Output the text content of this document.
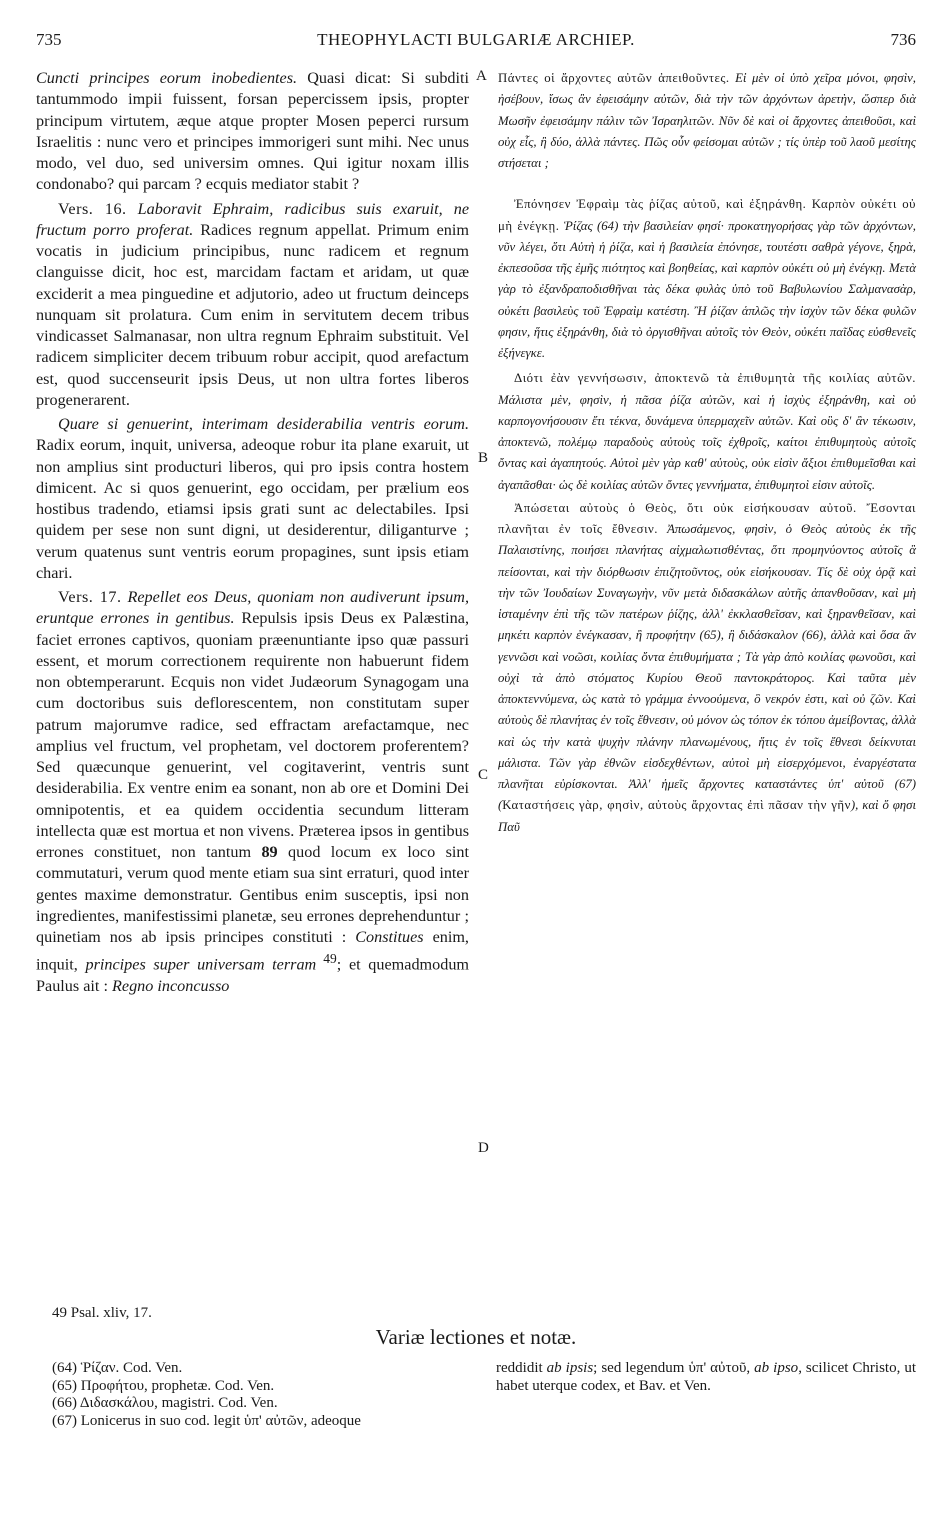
735	THEOPHYLACTI BULGARIÆ ARCHIEP.	736

Cuncti principes eorum inobedientes. Quasi dicat: Si subditi tantummodo impii fuissent, forsan pepercissem ipsis, propter principum virtutem, æque atque propter Mosen peperci rursum Israelitis : nunc vero et principes immorigeri sunt mihi. Nec unus modo, vel duo, sed universim omnes. Qui igitur noxam illis condonabo? qui parcam ? ecquis mediator stabit ?

Vers. 16. Laboravit Ephraim, radicibus suis exaruit, ne fructum porro proferat. Radices regnum appellat. Primum enim vocatis in judicium principibus, nunc radicem et regnum clanguisse dicit, hoc est, marcidam factam et aridam, ut quæ exciderit a mea pinguedine et adjutorio, adeo ut fructum deinceps nunquam sit prolatura. Cum enim in servitutem decem tribus vindicasset Salmanasar, non ultra regnum Ephraim substituit. Vel radicem simpliciter decem tribuum robur accipit, quod arefactum est, quod succenseurit ipsis Deus, ut non ultra fortes liberos progenerarent.

Quare si genuerint, interimam desiderabilia ventris eorum. Radix eorum, inquit, universa, adeoque robur ita plane exaruit, ut non amplius sint producturi liberos, qui pro ipsis contra hostem dimicent. Ac si quos genuerint, ego occidam, per prælium eos hostibus tradendo, etiamsi ipsis grati sunt ac delectabiles. Ipsi quidem per sese non sunt digni, ut desiderentur, diliganturve ; verum quatenus sunt ventris eorum propagines, sunt ipsis etiam chari.

Vers. 17. Repellet eos Deus, quoniam non audiverunt ipsum, eruntque errones in gentibus. Repulsis ipsis Deus ex Palæstina, faciet errones captivos, quoniam præenuntiante ipso quæ passuri essent, et morum correctionem requirente non habuerunt fidem non obtemperarunt. Ecquis non videt Judæorum Synagogam una cum doctoribus suis deflorescentem, non constitutam super patrum majorumve radice, sed effractam arefactamque, nec amplius vel fructum, vel prophetam, vel doctorem proferentem? Sed quæcunque genuerint, vel cogitaverint, ventris sunt desiderabilia. Ex ventre enim ea sonant, non ab ore et Domini Dei omnipotentis, et ea quidem occidentia secundum litteram intellecta quæ est mortua et non vivens. Præterea ipsos in gentibus errones constituet, non tantum 89 quod locum ex loco sint commutaturi, verum quod mente etiam sua sint erraturi, quod inter gentes maxime demonstratur. Gentibus enim susceptis, ipsi non ingredientes, manifestissimi planetæ, seu errones deprehenduntur ; quinetiam nos ab ipsis principes constituti : Constitues enim, inquit, principes super universam terram $^{49}$; et quemadmodum Paulus ait : Regno inconcusso

A
B
C
D

Πάντες οἱ ἄρχοντες αὐτῶν ἀπειθοῦντες. Εἰ μὲν οἱ ὑπὸ χεῖρα μόνοι, φησὶν, ἠσέβουν, ἴσως ἂν ἐφεισάμην αὐτῶν, διὰ τὴν τῶν ἀρχόντων ἀρετὴν, ὥσπερ διὰ Μωσῆν ἐφεισάμην πάλιν τῶν Ἰσραηλιτῶν. Νῦν δὲ καὶ οἱ ἄρχοντες ἀπειθοῦσι, καὶ οὐχ εἷς, ἢ δύο, ἀλλὰ πάντες. Πῶς οὖν φείσομαι αὐτῶν ; τίς ὑπὲρ τοῦ λαοῦ μεσίτης στήσεται ;

Ἐπόνησεν Ἐφραὶμ τὰς ῥίζας αὐτοῦ, καὶ ἐξηράνθη. Καρπὸν οὐκέτι οὐ μὴ ἐνέγκῃ. Ῥίζας (64) τὴν βασιλείαν φησί· προκατηγορήσας γὰρ τῶν ἀρχόντων, νῦν λέγει, ὅτι Αὐτὴ ἡ ῥίζα, καὶ ἡ βασιλεία ἐπόνησε, τουτέστι σαθρὰ γέγονε, ξηρὰ, ἐκπεσοῦσα τῆς ἐμῆς πιότητος καὶ βοηθείας, καὶ καρπὸν οὐκέτι οὐ μὴ ἐνέγκῃ. Μετὰ γὰρ τὸ ἐξανδραποδισθῆναι τὰς δέκα φυλὰς ὑπὸ τοῦ Βαβυλωνίου Σαλμανασὰρ, οὐκέτι βασιλεὺς τοῦ Ἐφραὶμ κατέστη. Ἢ ῥίζαν ἁπλῶς τὴν ἰσχὺν τῶν δέκα φυλῶν φησιν, ἥτις ἐξηράνθη, διὰ τὸ ὀργισθῆναι αὐτοῖς τὸν Θεὸν, οὐκέτι παῖδας εὐσθενεῖς ἐξήνεγκε.

Διότι ἐὰν γεννήσωσιν, ἀποκτενῶ τὰ ἐπιθυμητὰ τῆς κοιλίας αὐτῶν. Μάλιστα μὲν, φησὶν, ἡ πᾶσα ῥίζα αὐτῶν, καὶ ἡ ἰσχὺς ἐξηράνθη, καὶ οὐ καρπογονήσουσιν ἔτι τέκνα, δυνάμενα ὑπερμαχεῖν αὐτῶν. Καὶ οὓς δ' ἂν τέκωσιν, ἀποκτενῶ, πολέμῳ παραδοὺς αὐτοὺς τοῖς ἐχθροῖς, καίτοι ἐπιθυμητοὺς αὐτοῖς ὄντας καὶ ἀγαπητούς. Αὐτοὶ μὲν γὰρ καθ' αὑτοὺς, οὐκ εἰσὶν ἄξιοι ἐπιθυμεῖσθαι καὶ ἀγαπᾶσθαι· ὡς δὲ κοιλίας αὐτῶν ὄντες γεννήματα, ἐπιθυμητοὶ εἰσιν αὐτοῖς.

Ἀπώσεται αὐτοὺς ὁ Θεὸς, ὅτι οὐκ εἰσήκουσαν αὐτοῦ. Ἔσονται πλανῆται ἐν τοῖς ἔθνεσιν. Ἀπωσάμενος, φησὶν, ὁ Θεὸς αὐτοὺς ἐκ τῆς Παλαιστίνης, ποιήσει πλανήτας αἰχμαλωτισθέντας, ὅτι προμηνύοντος αὐτοῖς ἃ πείσονται, καὶ τὴν διόρθωσιν ἐπιζητοῦντος, οὐκ εἰσήκουσαν. Τίς δὲ οὐχ ὁρᾷ καὶ τὴν τῶν Ἰουδαίων Συναγωγὴν, νῦν μετὰ διδασκάλων αὐτῆς ἀπανθοῦσαν, καὶ μὴ ἱσταμένην ἐπὶ τῆς τῶν πατέρων ῥίζης, ἀλλ' ἐκκλασθεῖσαν, καὶ ξηρανθεῖσαν, καὶ μηκέτι καρπὸν ἐνέγκασαν, ἢ προφήτην (65), ἢ διδάσκαλον (66), ἀλλὰ καὶ ὅσα ἂν γεννῶσι καὶ νοῶσι, κοιλίας ὄντα ἐπιθυμήματα ; Τὰ γὰρ ἀπὸ κοιλίας φωνοῦσι, καὶ οὐχὶ τὰ ἀπὸ στόματος Κυρίου Θεοῦ παντοκράτορος. Καὶ ταῦτα μὲν ἀποκτεννύμενα, ὡς κατὰ τὸ γράμμα ἐννοούμενα, ὃ νεκρόν ἐστι, καὶ οὐ ζῶν. Καὶ αὐτοὺς δὲ πλανήτας ἐν τοῖς ἔθνεσιν, οὐ μόνον ὡς τόπον ἐκ τόπου ἀμείβοντας, ἀλλὰ καὶ ὡς τὴν κατὰ ψυχὴν πλάνην πλανωμένους, ἥτις ἐν τοῖς ἔθνεσι δείκνυται μάλιστα. Τῶν γὰρ ἐθνῶν εἰσδεχθέντων, αὐτοὶ μὴ εἰσερχόμενοι, ἐναργέστατα πλανῆται εὑρίσκονται. Ἀλλ' ἡμεῖς ἄρχοντες καταστάντες ὑπ' αὐτοῦ (67) (Καταστήσεις γὰρ, φησὶν, αὐτοὺς ἄρχοντας ἐπὶ πᾶσαν τὴν γῆν), καὶ ὅ φησι Παῦ

49 Psal. xliv, 17.
Variæ lectiones et notæ.
(64) Ῥίζαν. Cod. Ven.
(65) Προφήτου, prophetæ. Cod. Ven.
(66) Διδασκάλου, magistri. Cod. Ven.
(67) Lonicerus in suo cod. legit ὑπ' αὐτῶν, adeoque
reddidit ab ipsis; sed legendum ὑπ' αὐτοῦ, ab ipso, scilicet Christo, ut habet uterque codex, et Bav. et Ven.
